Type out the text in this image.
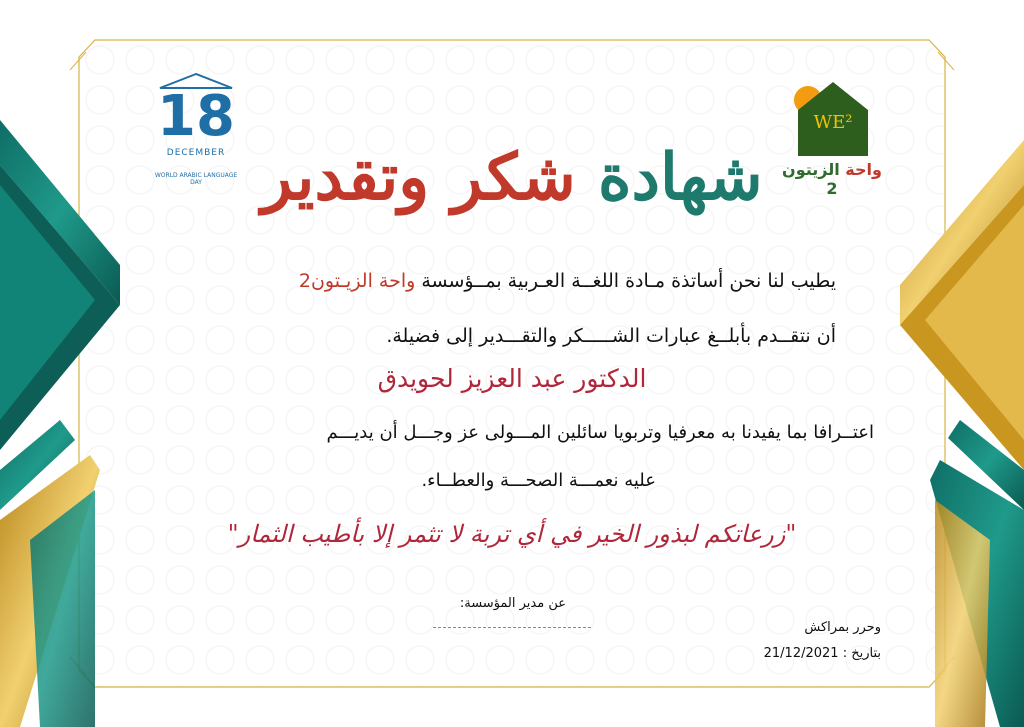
18
DECEMBER
WORLD ARABIC LANGUAGE DAY
WE²
واحة الزيتون 2
شهادة شكر وتقدير
يطيب لنا نحن أساتذة مـادة اللغــة العـربية بمــؤسسة واحة الزيـتون2
أن نتقــدم بأبلــغ عبارات الشـــــكر والتقـــدير إلى فضيلة.
الدكتور عبد العزيز لحويدق
اعتــرافا بما يفيدنا به معرفيا وتربويا سائلين المـــولى عز وجـــل أن يديـــم
عليه نعمـــة الصحـــة والعطــاء.
"زرعاتكم لبذور الخير في أي تربة لا تثمر إلا بأطيب الثمار"
عن مدير المؤسسة:
وحرر بمراكش
بتاريخ : 21/12/2021
